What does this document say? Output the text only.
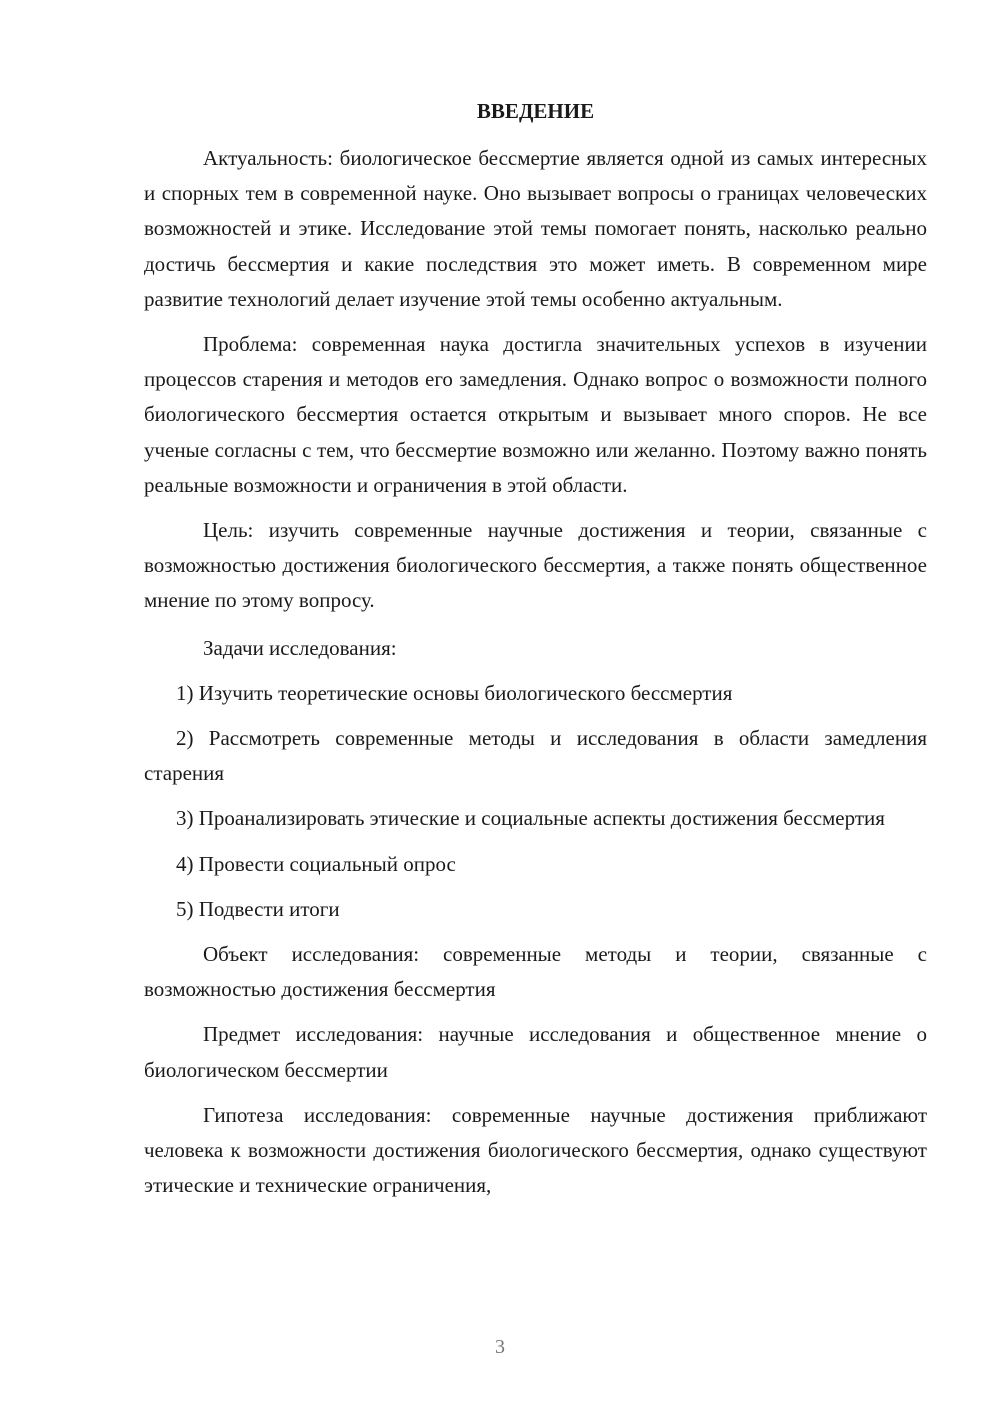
ВВЕДЕНИЕ

Актуальность: биологическое бессмертие является одной из самых интересных и спорных тем в современной науке. Оно вызывает вопросы о границах человеческих возможностей и этике. Исследование этой темы помогает понять, насколько реально достичь бессмертия и какие последствия это может иметь. В современном мире развитие технологий делает изучение этой темы особенно актуальным.

Проблема: современная наука достигла значительных успехов в изучении процессов старения и методов его замедления. Однако вопрос о возможности полного биологического бессмертия остается открытым и вызывает много споров. Не все ученые согласны с тем, что бессмертие возможно или желанно. Поэтому важно понять реальные возможности и ограничения в этой области.

Цель: изучить современные научные достижения и теории, связанные с возможностью достижения биологического бессмертия, а также понять общественное мнение по этому вопросу.

Задачи исследования:

1) Изучить теоретические основы биологического бессмертия

2) Рассмотреть современные методы и исследования в области замедления старения

3) Проанализировать этические и социальные аспекты достижения бессмертия

4) Провести социальный опрос

5) Подвести итоги

Объект исследования: современные методы и теории, связанные с возможностью достижения бессмертия

Предмет исследования: научные исследования и общественное мнение о биологическом бессмертии

Гипотеза исследования: современные научные достижения приближают человека к возможности достижения биологического бессмертия, однако существуют этические и технические ограничения,

3
